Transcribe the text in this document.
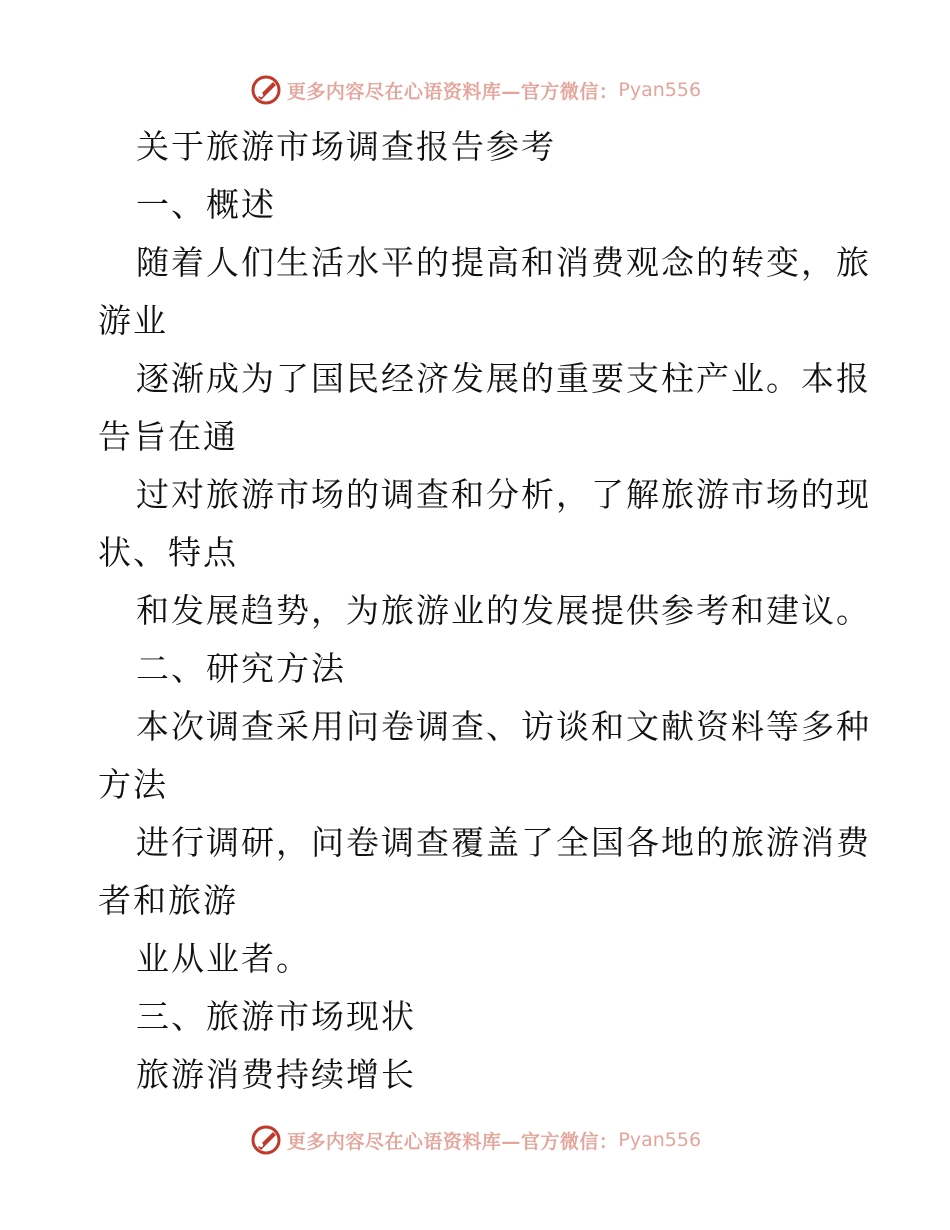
更多内容尽在心语资料库—官方微信： Pyan556
关于旅游市场调查报告参考
一、概述
随着人们生活水平的提高和消费观念的转变，旅
游业
逐渐成为了国民经济发展的重要支柱产业。本报
告旨在通
过对旅游市场的调查和分析，了解旅游市场的现
状、特点
和发展趋势，为旅游业的发展提供参考和建议。
二、研究方法
本次调查采用问卷调查、访谈和文献资料等多种
方法
进行调研，问卷调查覆盖了全国各地的旅游消费
者和旅游
业从业者。
三、旅游市场现状
旅游消费持续增长
更多内容尽在心语资料库—官方微信： Pyan556
